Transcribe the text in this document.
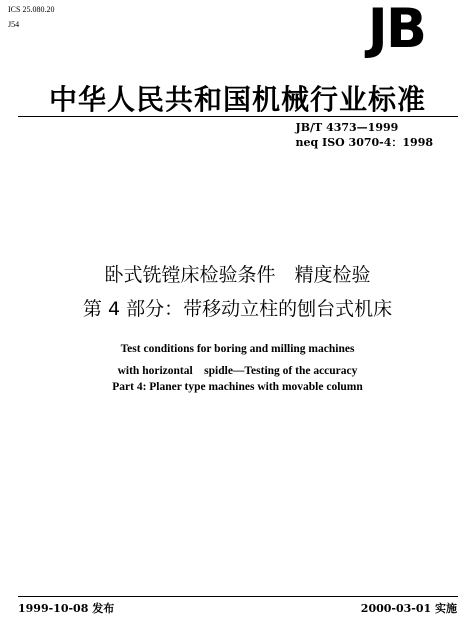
ICS 25.080.20
J54	JB
中华人民共和国机械行业标准
JB/T 4373—1999
neq ISO 3070-4：1998
卧式铣镗床检验条件　精度检验
第 4 部分：带移动立柱的刨台式机床
Test conditions for boring and milling machines
with horizontal　spidle—Testing of the accuracy
Part 4: Planer type machines with movable column
1999-10-08 发布	2000-03-01 实施
